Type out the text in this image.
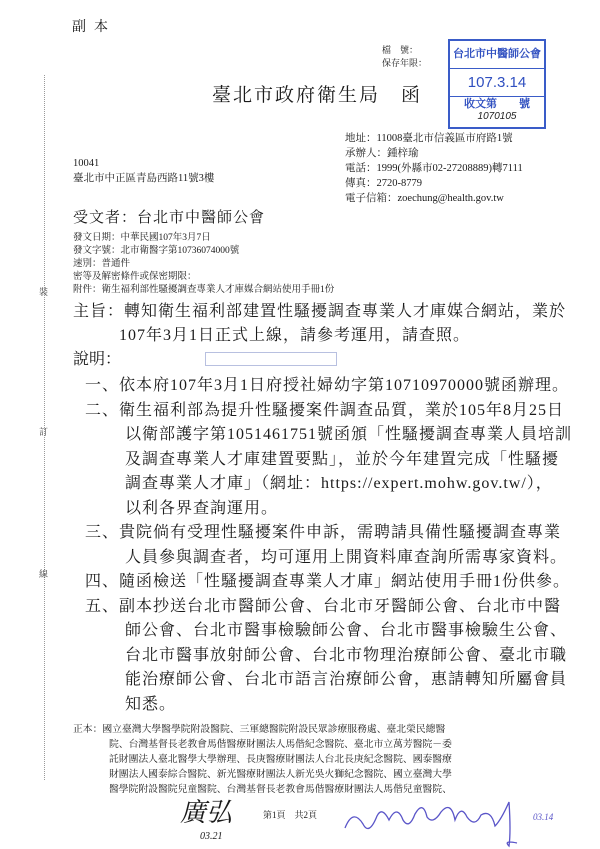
副本
檔　號：
保存年限：
台北市中醫師公會
107.3.14
收文第　　號
1070105
臺北市政府衛生局　函
地址：11008臺北市信義區市府路1號
承辦人：鍾梓瑜
電話：1999(外縣市02-27208889)轉7111
傳真：2720-8779
電子信箱：zoechung@health.gov.tw
10041
臺北市中正區青島西路11號3樓
受文者：台北市中醫師公會
發文日期：中華民國107年3月7日
發文字號：北市衛醫字第10736074000號
速別：普通件
密等及解密條件或保密期限：
附件：衛生福利部性騷擾調查專業人才庫媒合網站使用手冊1份
主旨：轉知衛生福利部建置性騷擾調查專業人才庫媒合網站，業於
107年3月1日正式上線，請參考運用，請查照。
說明：
一、依本府107年3月1日府授社婦幼字第10710970000號函辦理。
二、衛生福利部為提升性騷擾案件調查品質，業於105年8月25日
以衛部護字第1051461751號函頒「性騷擾調查專業人員培訓
及調查專業人才庫建置要點」，並於今年建置完成「性騷擾
調查專業人才庫」（網址：https://expert.mohw.gov.tw/），
以利各界查詢運用。
三、貴院倘有受理性騷擾案件申訴，需聘請具備性騷擾調查專業
人員參與調查者，均可運用上開資料庫查詢所需專家資料。
四、隨函檢送「性騷擾調查專業人才庫」網站使用手冊1份供參。
五、副本抄送台北市醫師公會、台北市牙醫師公會、台北市中醫
師公會、台北市醫事檢驗師公會、台北市醫事檢驗生公會、
台北市醫事放射師公會、台北市物理治療師公會、臺北市職
能治療師公會、台北市語言治療師公會，惠請轉知所屬會員
知悉。
正本：國立臺灣大學醫學院附設醫院、三軍總醫院附設民眾診療服務處、臺北榮民總醫
院、台灣基督長老教會馬偕醫療財團法人馬偕紀念醫院、臺北市立萬芳醫院－委
託財團法人臺北醫學大學辦理、長庚醫療財團法人台北長庚紀念醫院、國泰醫療
財團法人國泰綜合醫院、新光醫療財團法人新光吳火獅紀念醫院、國立臺灣大學
醫學院附設醫院兒童醫院、台灣基督長老教會馬偕醫療財團法人馬偕兒童醫院、
裝
訂
線
廣弘
03.21
第1頁　共2頁	03.14
